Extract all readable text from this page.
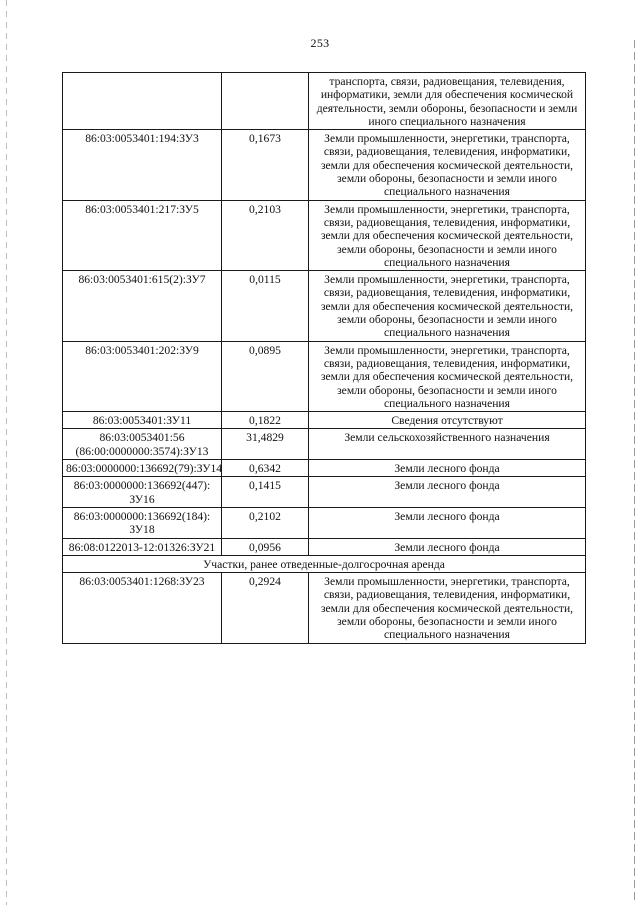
253
		транспорта, связи, радиовещания, телевидения, информатики, земли для обеспечения космической деятельности, земли обороны, безопасности и земли иного специального назначения
86:03:0053401:194:ЗУ3	0,1673	Земли промышленности, энергетики, транспорта, связи, радиовещания, телевидения, информатики, земли для обеспечения космической деятельности, земли обороны, безопасности и земли иного специального назначения
86:03:0053401:217:ЗУ5	0,2103	Земли промышленности, энергетики, транспорта, связи, радиовещания, телевидения, информатики, земли для обеспечения космической деятельности, земли обороны, безопасности и земли иного специального назначения
86:03:0053401:615(2):ЗУ7	0,0115	Земли промышленности, энергетики, транспорта, связи, радиовещания, телевидения, информатики, земли для обеспечения космической деятельности, земли обороны, безопасности и земли иного специального назначения
86:03:0053401:202:ЗУ9	0,0895	Земли промышленности, энергетики, транспорта, связи, радиовещания, телевидения, информатики, земли для обеспечения космической деятельности, земли обороны, безопасности и земли иного специального назначения
86:03:0053401:ЗУ11	0,1822	Сведения отсутствуют
86:03:0053401:56 (86:00:0000000:3574):ЗУ13	31,4829	Земли сельскохозяйственного назначения
86:03:0000000:136692(79):ЗУ14	0,6342	Земли лесного фонда
86:03:0000000:136692(447): ЗУ16	0,1415	Земли лесного фонда
86:03:0000000:136692(184): ЗУ18	0,2102	Земли лесного фонда
86:08:0122013-12:01326:ЗУ21	0,0956	Земли лесного фонда
Участки, ранее отведенные-долгосрочная аренда		
86:03:0053401:1268:ЗУ23	0,2924	Земли промышленности, энергетики, транспорта, связи, радиовещания, телевидения, информатики, земли для обеспечения космической деятельности, земли обороны, безопасности и земли иного специального назначения
